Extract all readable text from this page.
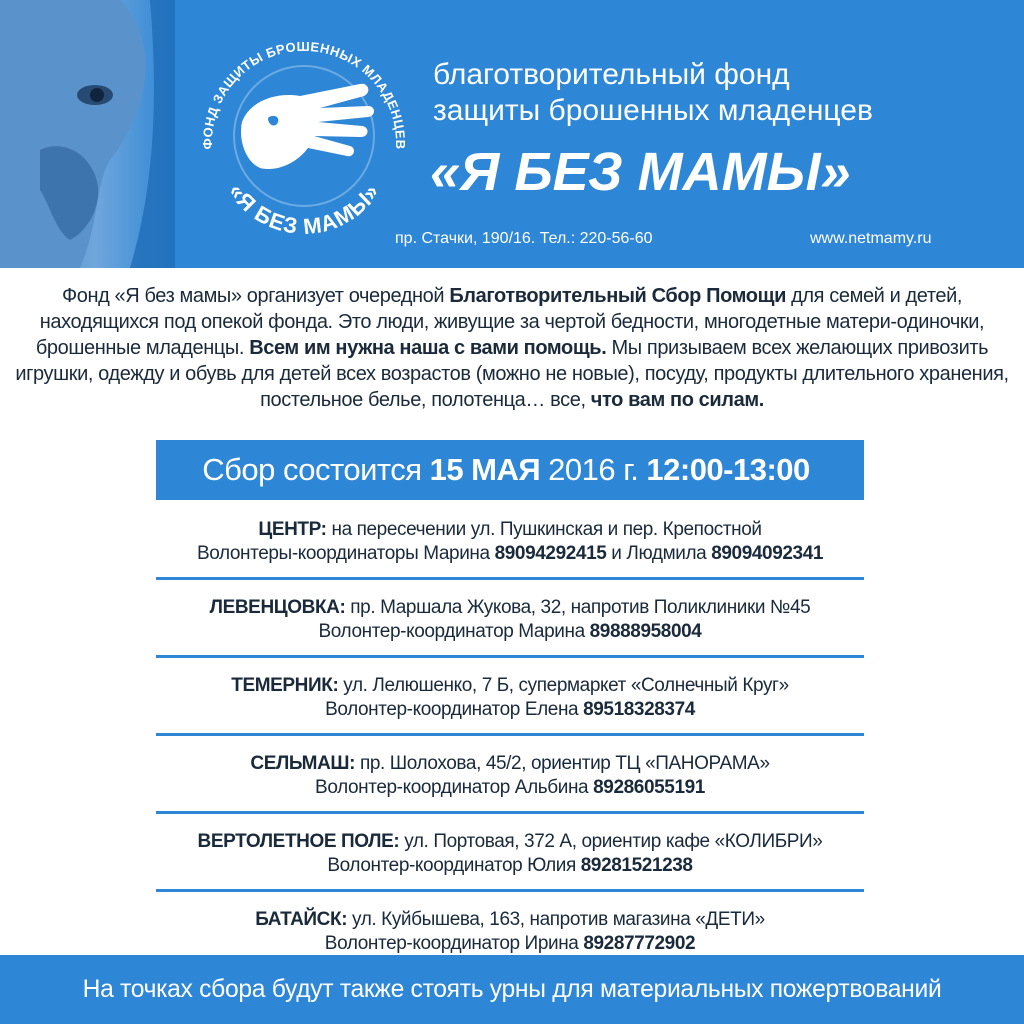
ФОНД ЗАЩИТЫ БРОШЕННЫХ МЛАДЕНЦЕВ
«Я БЕЗ МАМЫ»
благотворительный фонд
защиты брошенных младенцев
«Я БЕЗ МАМЫ»
пр. Стачки, 190/16. Тел.: 220-56-60	www.netmamy.ru
Фонд «Я без мамы» организует очередной Благотворительный Сбор Помощи для семей и детей, находящихся под опекой фонда. Это люди, живущие за чертой бедности, многодетные матери-одиночки, брошенные младенцы. Всем им нужна наша с вами помощь. Мы призываем всех желающих привозить игрушки, одежду и обувь для детей всех возрастов (можно не новые), посуду, продукты длительного хранения, постельное белье, полотенца… все, что вам по силам.
Сбор состоится 15 МАЯ 2016 г. 12:00-13:00
ЦЕНТР: на пересечении ул. Пушкинская и пер. Крепостной
Волонтеры-координаторы Марина 89094292415 и Людмила 89094092341
ЛЕВЕНЦОВКА: пр. Маршала Жукова, 32, напротив Поликлиники №45
Волонтер-координатор Марина 89888958004
ТЕМЕРНИК: ул. Лелюшенко, 7 Б, супермаркет «Солнечный Круг»
Волонтер-координатор Елена 89518328374
СЕЛЬМАШ: пр. Шолохова, 45/2, ориентир ТЦ «ПАНОРАМА»
Волонтер-координатор Альбина 89286055191
ВЕРТОЛЕТНОЕ ПОЛЕ: ул. Портовая, 372 А, ориентир кафе «КОЛИБРИ»
Волонтер-координатор Юлия 89281521238
БАТАЙСК: ул. Куйбышева, 163, напротив магазина «ДЕТИ»
Волонтер-координатор Ирина 89287772902
На точках сбора будут также стоять урны для материальных пожертвований
